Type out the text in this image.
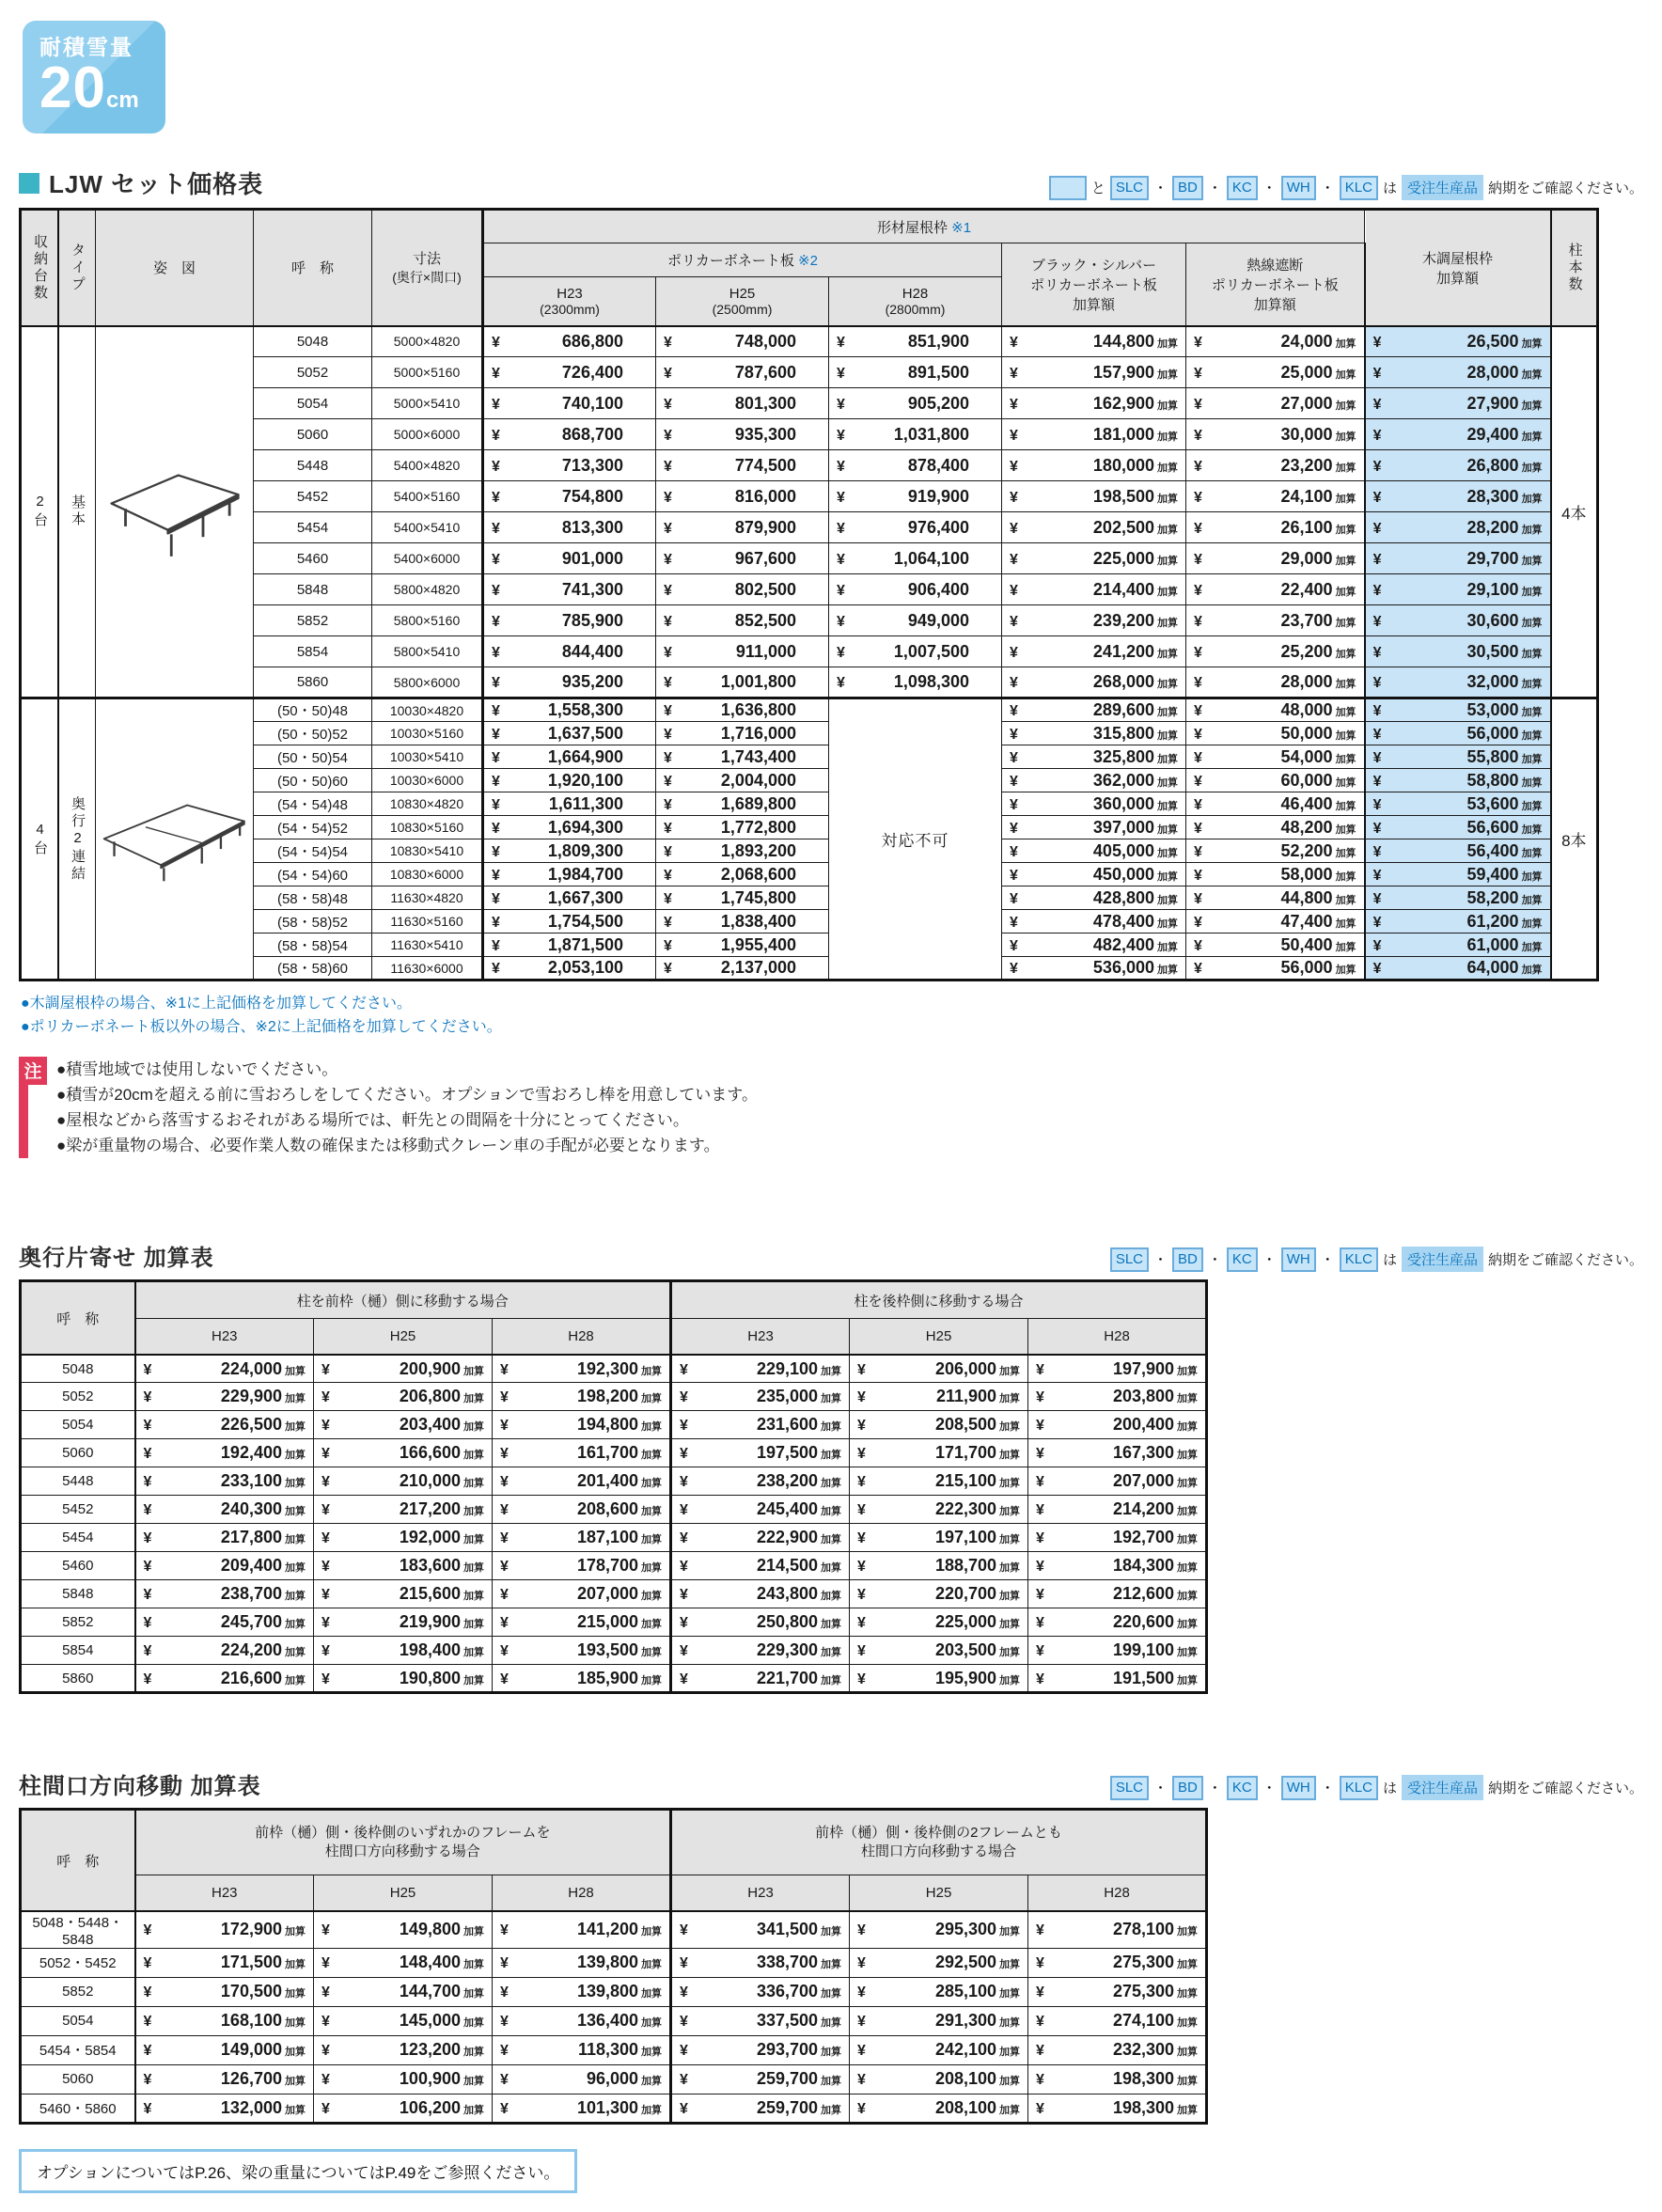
耐積雪量
20cm
LJW セット価格表	と SLC ・ BD ・ KC ・ WH ・ KLC は 受注生産品 納期をご確認ください。
収納台数	タイプ	姿　図	呼　称	
寸法
(奥行×間口)
	形材屋根枠 ※1	
木調屋根枠
加算額	柱本数

ポリカーボネート板 ※2	ブラック・シルバー
ポリカーボネート板
加算額

熱線遮断
ポリカーボネート板
加算額

H23
(2300mm)

H25
(2500mm)

H28
(2800mm)

2台	基本		5048	5000×4820	¥ 686,800	¥ 748,000	¥ 851,900	¥ 144,800 加算	¥ 24,000 加算	¥ 26,500 加算	4本
			5052	5000×5160	¥ 726,400	¥ 787,600	¥ 891,500	¥ 157,900 加算	¥ 25,000 加算	¥ 28,000 加算	

			5054	5000×5410	¥ 740,100	¥ 801,300	¥ 905,200	¥ 162,900 加算	¥ 27,000 加算	¥ 27,900 加算	

			5060	5000×6000	¥ 868,700	¥ 935,300	¥ 1,031,800	¥ 181,000 加算	¥ 30,000 加算	¥ 29,400 加算	

			5448	5400×4820	¥ 713,300	¥ 774,500	¥ 878,400	¥ 180,000 加算	¥ 23,200 加算	¥ 26,800 加算	

			5452	5400×5160	¥ 754,800	¥ 816,000	¥ 919,900	¥ 198,500 加算	¥ 24,100 加算	¥ 28,300 加算	

			5454	5400×5410	¥ 813,300	¥ 879,900	¥ 976,400	¥ 202,500 加算	¥ 26,100 加算	¥ 28,200 加算	

			5460	5400×6000	¥ 901,000	¥ 967,600	¥ 1,064,100	¥ 225,000 加算	¥ 29,000 加算	¥ 29,700 加算	

			5848	5800×4820	¥ 741,300	¥ 802,500	¥ 906,400	¥ 214,400 加算	¥ 22,400 加算	¥ 29,100 加算	

			5852	5800×5160	¥ 785,900	¥ 852,500	¥ 949,000	¥ 239,200 加算	¥ 23,700 加算	¥ 30,600 加算	

			5854	5800×5410	¥ 844,400	¥ 911,000	¥ 1,007,500	¥ 241,200 加算	¥ 25,200 加算	¥ 30,500 加算	

			5860	5800×6000	¥ 935,200	¥ 1,001,800	¥ 1,098,300	¥ 268,000 加算	¥ 28,000 加算	¥ 32,000 加算	

4台	奥行2連結		(50・50)48	10030×4820	¥ 1,558,300	¥ 1,636,800	対応不可	¥ 289,600 加算	¥ 48,000 加算	¥ 53,000 加算	8本
			(50・50)52	10030×5160	¥ 1,637,500	¥ 1,716,000		¥ 315,800 加算	¥ 50,000 加算	¥ 56,000 加算	

			(50・50)54	10030×5410	¥ 1,664,900	¥ 1,743,400		¥ 325,800 加算	¥ 54,000 加算	¥ 55,800 加算	

			(50・50)60	10030×6000	¥ 1,920,100	¥ 2,004,000		¥ 362,000 加算	¥ 60,000 加算	¥ 58,800 加算	

			(54・54)48	10830×4820	¥ 1,611,300	¥ 1,689,800		¥ 360,000 加算	¥ 46,400 加算	¥ 53,600 加算	

			(54・54)52	10830×5160	¥ 1,694,300	¥ 1,772,800		¥ 397,000 加算	¥ 48,200 加算	¥ 56,600 加算	

			(54・54)54	10830×5410	¥ 1,809,300	¥ 1,893,200		¥ 405,000 加算	¥ 52,200 加算	¥ 56,400 加算	

			(54・54)60	10830×6000	¥ 1,984,700	¥ 2,068,600		¥ 450,000 加算	¥ 58,000 加算	¥ 59,400 加算	

			(58・58)48	11630×4820	¥ 1,667,300	¥ 1,745,800		¥ 428,800 加算	¥ 44,800 加算	¥ 58,200 加算	

			(58・58)52	11630×5160	¥ 1,754,500	¥ 1,838,400		¥ 478,400 加算	¥ 47,400 加算	¥ 61,200 加算	

			(58・58)54	11630×5410	¥ 1,871,500	¥ 1,955,400		¥ 482,400 加算	¥ 50,400 加算	¥ 61,000 加算	

			(58・58)60	11630×6000	¥ 2,053,100	¥ 2,137,000		¥ 536,000 加算	¥ 56,000 加算	¥ 64,000 加算	
●木調屋根枠の場合、※1に上記価格を加算してください。
●ポリカーボネート板以外の場合、※2に上記価格を加算してください。
注 ●積雪地域では使用しないでください。
●積雪が20cmを超える前に雪おろしをしてください。オプションで雪おろし棒を用意しています。
●屋根などから落雪するおそれがある場所では、軒先との間隔を十分にとってください。
●梁が重量物の場合、必要作業人数の確保または移動式クレーン車の手配が必要となります。
奥行片寄せ 加算表	SLC ・ BD ・ KC ・ WH ・ KLC は 受注生産品 納期をご確認ください。
呼　称	柱を前枠（樋）側に移動する場合			柱を後枠側に移動する場合		
	H23	H25	H28	H23	H25	H28
5048	¥ 224,000 加算	¥ 200,900 加算	¥ 192,300 加算	¥ 229,100 加算	¥ 206,000 加算	¥ 197,900 加算

5052	¥ 229,900 加算	¥ 206,800 加算	¥ 198,200 加算	¥ 235,000 加算	¥ 211,900 加算	¥ 203,800 加算

5054	¥ 226,500 加算	¥ 203,400 加算	¥ 194,800 加算	¥ 231,600 加算	¥ 208,500 加算	¥ 200,400 加算

5060	¥ 192,400 加算	¥ 166,600 加算	¥ 161,700 加算	¥ 197,500 加算	¥ 171,700 加算	¥ 167,300 加算

5448	¥ 233,100 加算	¥ 210,000 加算	¥ 201,400 加算	¥ 238,200 加算	¥ 215,100 加算	¥ 207,000 加算

5452	¥ 240,300 加算	¥ 217,200 加算	¥ 208,600 加算	¥ 245,400 加算	¥ 222,300 加算	¥ 214,200 加算

5454	¥ 217,800 加算	¥ 192,000 加算	¥ 187,100 加算	¥ 222,900 加算	¥ 197,100 加算	¥ 192,700 加算

5460	¥ 209,400 加算	¥ 183,600 加算	¥ 178,700 加算	¥ 214,500 加算	¥ 188,700 加算	¥ 184,300 加算

5848	¥ 238,700 加算	¥ 215,600 加算	¥ 207,000 加算	¥ 243,800 加算	¥ 220,700 加算	¥ 212,600 加算

5852	¥ 245,700 加算	¥ 219,900 加算	¥ 215,000 加算	¥ 250,800 加算	¥ 225,000 加算	¥ 220,600 加算

5854	¥ 224,200 加算	¥ 198,400 加算	¥ 193,500 加算	¥ 229,300 加算	¥ 203,500 加算	¥ 199,100 加算

5860	¥ 216,600 加算	¥ 190,800 加算	¥ 185,900 加算	¥ 221,700 加算	¥ 195,900 加算	¥ 191,500 加算
柱間口方向移動 加算表	SLC ・ BD ・ KC ・ WH ・ KLC は 受注生産品 納期をご確認ください。
呼　称	
前枠（樋）側・後枠側のいずれかのフレームを
柱間口方向移動する場合

前枠（樋）側・後枠側の2フレームとも
柱間口方向移動する場合

	H23	H25	H28	H23	H25	H28
5048・5448・5848	¥ 172,900 加算	¥ 149,800 加算	¥ 141,200 加算	¥ 341,500 加算	¥ 295,300 加算	¥ 278,100 加算

5052・5452	¥ 171,500 加算	¥ 148,400 加算	¥ 139,800 加算	¥ 338,700 加算	¥ 292,500 加算	¥ 275,300 加算

5852	¥ 170,500 加算	¥ 144,700 加算	¥ 139,800 加算	¥ 336,700 加算	¥ 285,100 加算	¥ 275,300 加算

5054	¥ 168,100 加算	¥ 145,000 加算	¥ 136,400 加算	¥ 337,500 加算	¥ 291,300 加算	¥ 274,100 加算

5454・5854	¥ 149,000 加算	¥ 123,200 加算	¥ 118,300 加算	¥ 293,700 加算	¥ 242,100 加算	¥ 232,300 加算

5060	¥ 126,700 加算	¥ 100,900 加算	¥ 96,000 加算	¥ 259,700 加算	¥ 208,100 加算	¥ 198,300 加算

5460・5860	¥ 132,000 加算	¥ 106,200 加算	¥ 101,300 加算	¥ 259,700 加算	¥ 208,100 加算	¥ 198,300 加算
オプションについてはP.26、梁の重量についてはP.49をご参照ください。
